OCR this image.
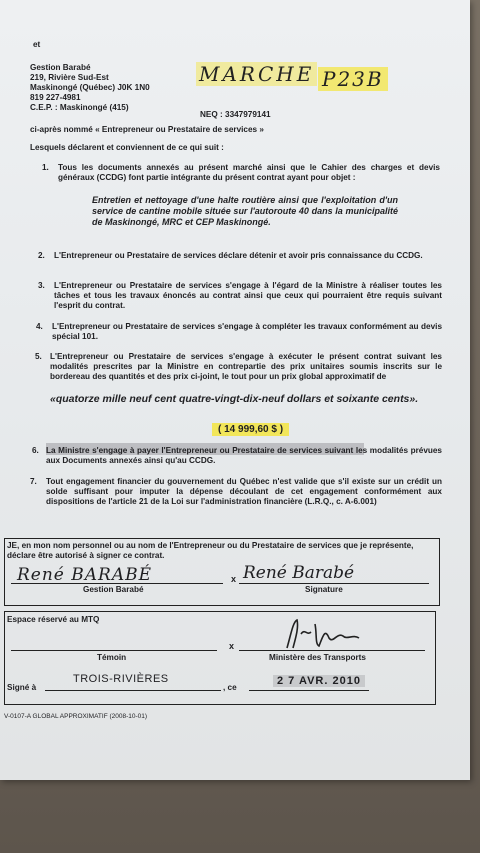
et
Gestion Barabé
219, Rivière Sud-Est
Maskinongé (Québec) J0K 1N0
819 227-4981
C.E.P. : Maskinongé (415)
NEQ : 3347979141
MARCHE P23B
ci-après nommé « Entrepreneur ou Prestataire de services »
Lesquels déclarent et conviennent de ce qui suit :
1. Tous les documents annexés au présent marché ainsi que le Cahier des charges et devis généraux (CCDG) font partie intégrante du présent contrat ayant pour objet :
Entretien et nettoyage d'une halte routière ainsi que l'exploitation d'un service de cantine mobile située sur l'autoroute 40 dans la municipalité de Maskinongé, MRC et CEP Maskinongé.
2. L'Entrepreneur ou Prestataire de services déclare détenir et avoir pris connaissance du CCDG.
3. L'Entrepreneur ou Prestataire de services s'engage à l'égard de la Ministre à réaliser toutes les tâches et tous les travaux énoncés au contrat ainsi que ceux qui pourraient être requis suivant l'esprit du contrat.
4. L'Entrepreneur ou Prestataire de services s'engage à compléter les travaux conformément au devis spécial 101.
5. L'Entrepreneur ou Prestataire de services s'engage à exécuter le présent contrat suivant les modalités prescrites par la Ministre en contrepartie des prix unitaires soumis inscrits sur le bordereau des quantités et des prix ci-joint, le tout pour un prix global approximatif de
«quatorze mille neuf cent quatre-vingt-dix-neuf dollars et soixante cents».
( 14 999,60 $ )
6. La Ministre s'engage à payer l'Entrepreneur ou Prestataire de services suivant les modalités prévues aux Documents annexés ainsi qu'au CCDG.
7. Tout engagement financier du gouvernement du Québec n'est valide que s'il existe sur un crédit un solde suffisant pour imputer la dépense découlant de cet engagement conformément aux dispositions de l'article 21 de la Loi sur l'administration financière (L.R.Q., c. A-6.001)
JE, en mon nom personnel ou au nom de l'Entrepreneur ou du Prestataire de services que je représente, déclare être autorisé à signer ce contrat.
René BARABÉ
Gestion Barabé
x René Barabé
Signature
Espace réservé au MTQ
Témoin
x
Ministère des Transports
Signé à
TROIS-RIVIÈRES
, ce
2 7 AVR. 2010
V-0107-A GLOBAL APPROXIMATIF (2008-10-01)
